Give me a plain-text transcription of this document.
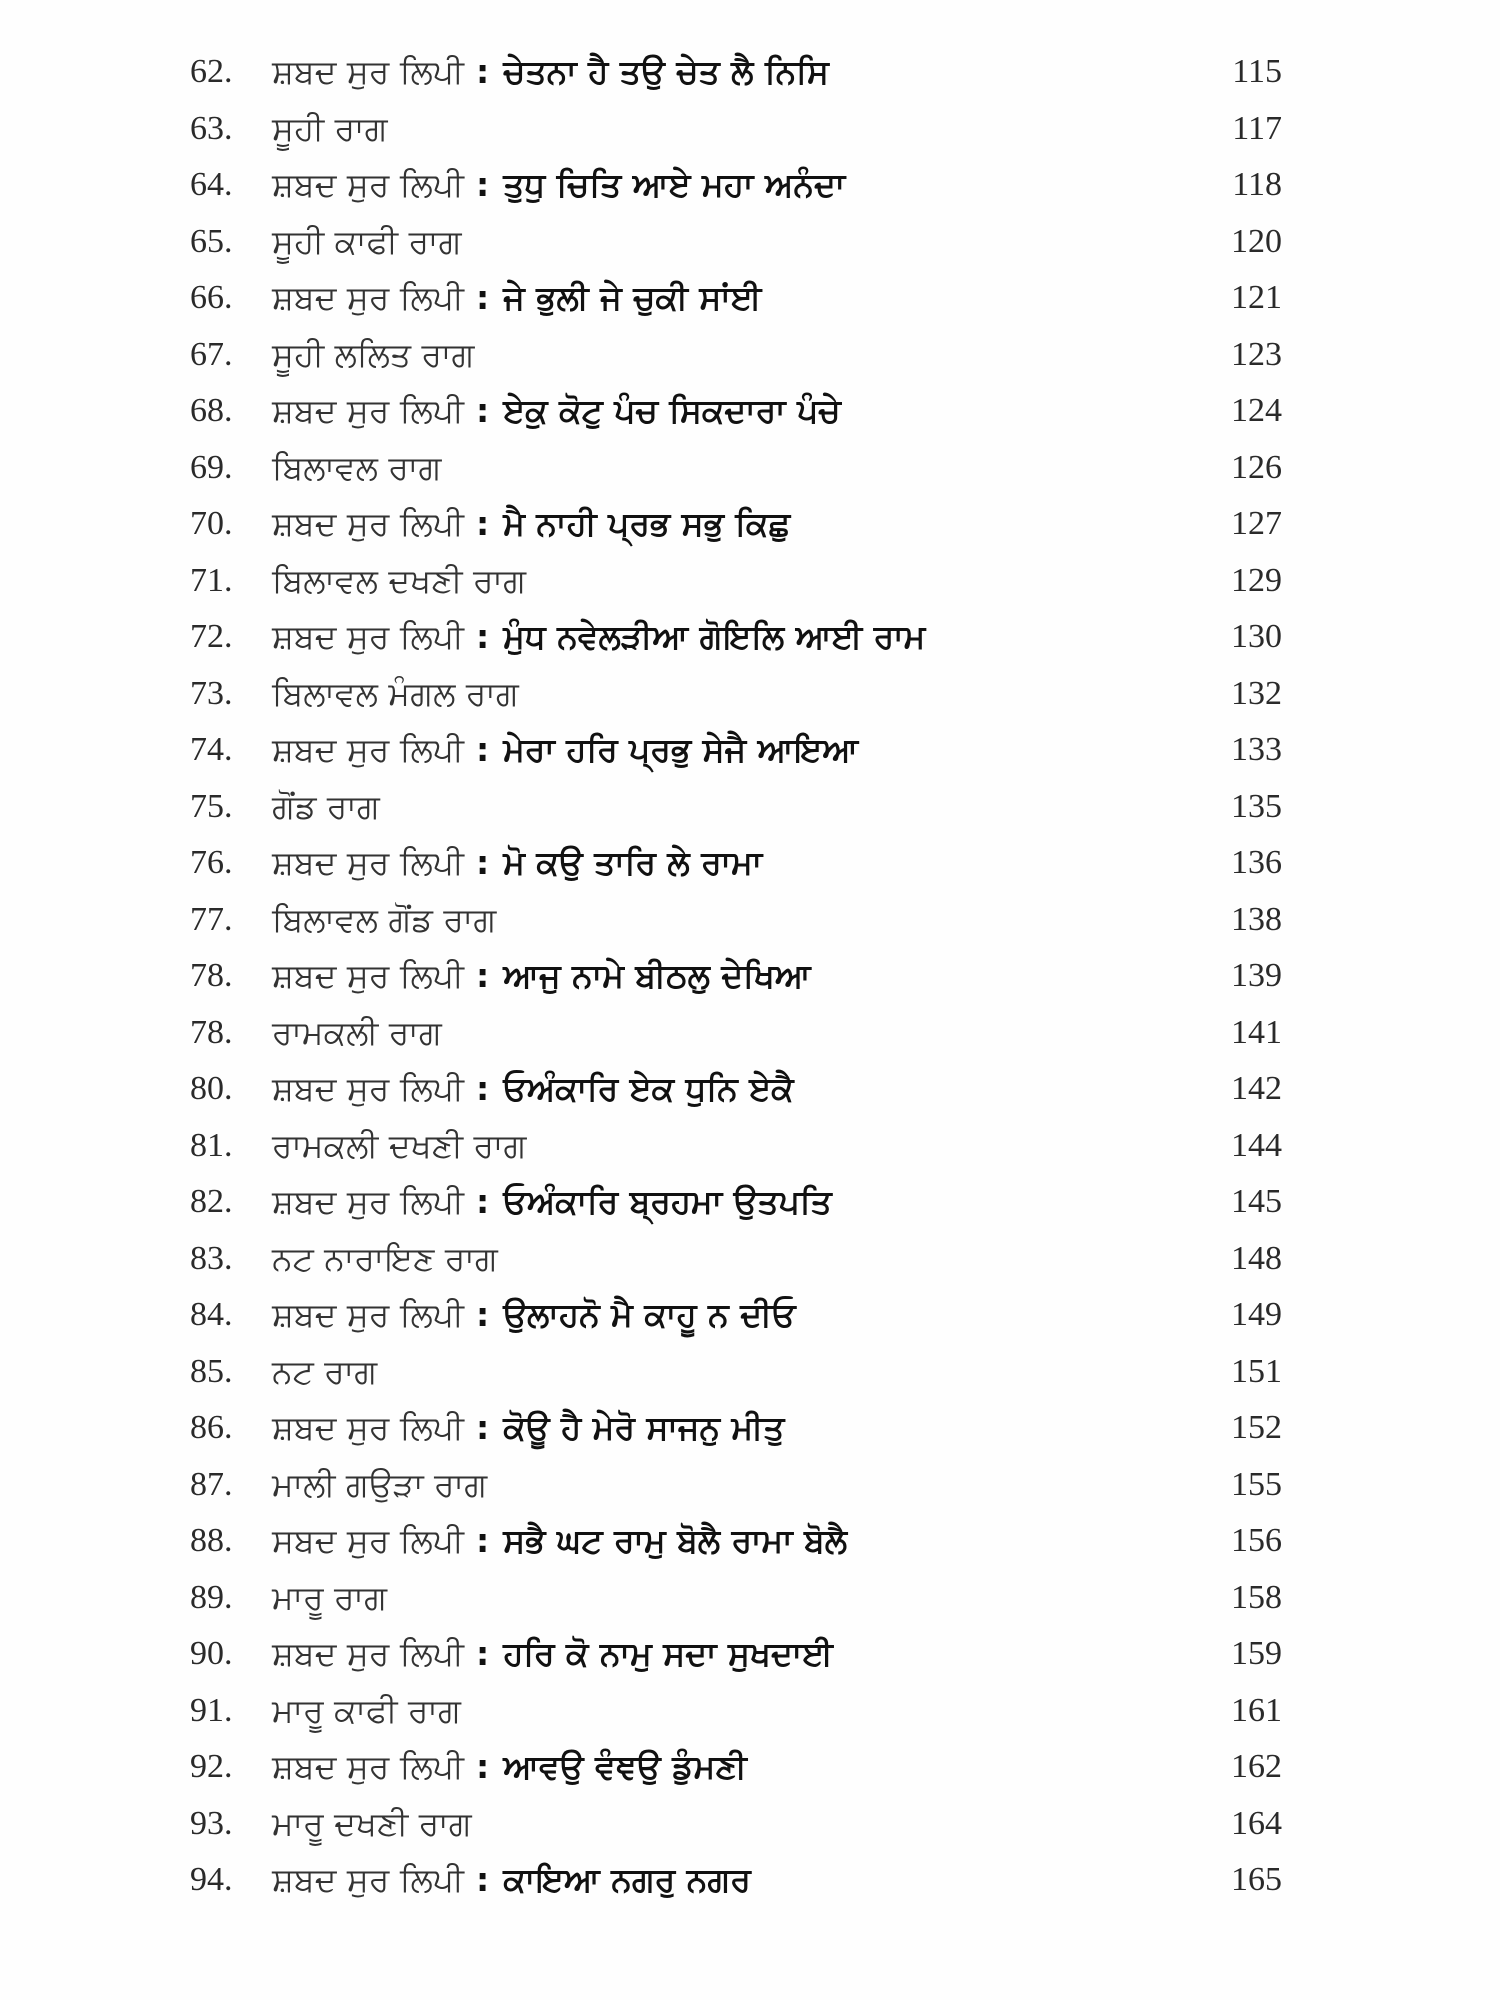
62.	ਸ਼ਬਦ ਸੁਰ ਲਿਪੀ : ਚੇਤਨਾ ਹੈ ਤਉ ਚੇਤ ਲੈ ਨਿਸਿ	115
63.	ਸੂਹੀ ਰਾਗ	117
64.	ਸ਼ਬਦ ਸੁਰ ਲਿਪੀ : ਤੁਧੁ ਚਿਤਿ ਆਏ ਮਹਾ ਅਨੰਦਾ	118
65.	ਸੂਹੀ ਕਾਫੀ ਰਾਗ	120
66.	ਸ਼ਬਦ ਸੁਰ ਲਿਪੀ : ਜੇ ਭੁਲੀ ਜੇ ਚੁਕੀ ਸਾਂਈ	121
67.	ਸੂਹੀ ਲਲਿਤ ਰਾਗ	123
68.	ਸ਼ਬਦ ਸੁਰ ਲਿਪੀ : ਏਕੁ ਕੋਟੁ ਪੰਚ ਸਿਕਦਾਰਾ ਪੰਚੇ	124
69.	ਬਿਲਾਵਲ ਰਾਗ	126
70.	ਸ਼ਬਦ ਸੁਰ ਲਿਪੀ : ਮੈ ਨਾਹੀ ਪ੍ਰਭ ਸਭੁ ਕਿਛੁ	127
71.	ਬਿਲਾਵਲ ਦਖਣੀ ਰਾਗ	129
72.	ਸ਼ਬਦ ਸੁਰ ਲਿਪੀ : ਮੁੰਧ ਨਵੇਲੜੀਆ ਗੋਇਲਿ ਆਈ ਰਾਮ	130
73.	ਬਿਲਾਵਲ ਮੰਗਲ ਰਾਗ	132
74.	ਸ਼ਬਦ ਸੁਰ ਲਿਪੀ : ਮੇਰਾ ਹਰਿ ਪ੍ਰਭੁ ਸੇਜੈ ਆਇਆ	133
75.	ਗੋਂਡ ਰਾਗ	135
76.	ਸ਼ਬਦ ਸੁਰ ਲਿਪੀ : ਮੋ ਕਉ ਤਾਰਿ ਲੇ ਰਾਮਾ	136
77.	ਬਿਲਾਵਲ ਗੋਂਡ ਰਾਗ	138
78.	ਸ਼ਬਦ ਸੁਰ ਲਿਪੀ : ਆਜੁ ਨਾਮੇ ਬੀਠਲੁ ਦੇਖਿਆ	139
78.	ਰਾਮਕਲੀ ਰਾਗ	141
80.	ਸ਼ਬਦ ਸੁਰ ਲਿਪੀ : ਓਅੰਕਾਰਿ ਏਕ ਧੁਨਿ ਏਕੈ	142
81.	ਰਾਮਕਲੀ ਦਖਣੀ ਰਾਗ	144
82.	ਸ਼ਬਦ ਸੁਰ ਲਿਪੀ : ਓਅੰਕਾਰਿ ਬ੍ਰਹਮਾ ਉਤਪਤਿ	145
83.	ਨਟ ਨਾਰਾਇਣ ਰਾਗ	148
84.	ਸ਼ਬਦ ਸੁਰ ਲਿਪੀ : ਉਲਾਹਨੋ ਮੈ ਕਾਹੂ ਨ ਦੀਓ	149
85.	ਨਟ ਰਾਗ	151
86.	ਸ਼ਬਦ ਸੁਰ ਲਿਪੀ : ਕੋਊ ਹੈ ਮੇਰੋ ਸਾਜਨੁ ਮੀਤੁ	152
87.	ਮਾਲੀ ਗਉੜਾ ਰਾਗ	155
88.	ਸਬਦ ਸੁਰ ਲਿਪੀ : ਸਭੈ ਘਟ ਰਾਮੁ ਬੋਲੈ ਰਾਮਾ ਬੋਲੈ	156
89.	ਮਾਰੂ ਰਾਗ	158
90.	ਸ਼ਬਦ ਸੁਰ ਲਿਪੀ : ਹਰਿ ਕੋ ਨਾਮੁ ਸਦਾ ਸੁਖਦਾਈ	159
91.	ਮਾਰੂ ਕਾਫੀ ਰਾਗ	161
92.	ਸ਼ਬਦ ਸੁਰ ਲਿਪੀ : ਆਵਉ ਵੰਞਉ ਡੁੰਮਣੀ	162
93.	ਮਾਰੂ ਦਖਣੀ ਰਾਗ	164
94.	ਸ਼ਬਦ ਸੁਰ ਲਿਪੀ : ਕਾਇਆ ਨਗਰੁ ਨਗਰ	165
